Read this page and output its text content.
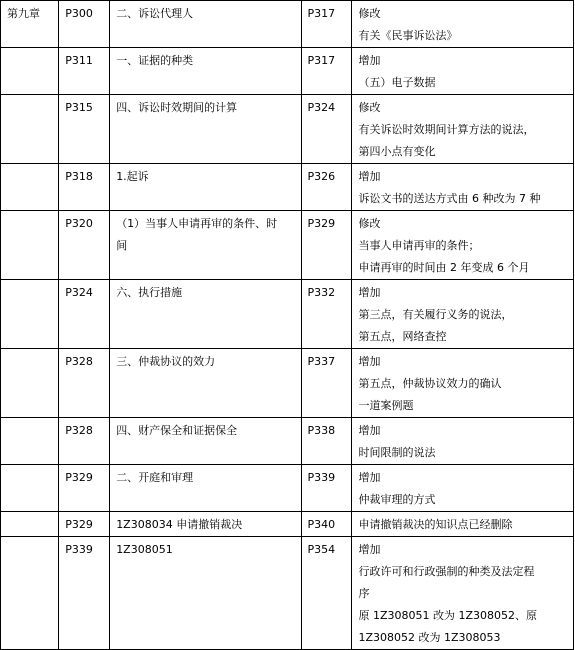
第九章	P300	二、诉讼代理人	P317	修改
有关《民事诉讼法》

	P311	一、证据的种类	P317	增加
（五）电子数据

	P315	四、诉讼时效期间的计算	P324	修改
有关诉讼时效期间计算方法的说法，
第四小点有变化

	P318	1.起诉	P326	增加
诉讼文书的送达方式由 6 种改为 7 种

	P320	（1）当事人申请再审的条件、时
间	P329	修改
当事人申请再审的条件；
申请再审的时间由 2 年变成 6 个月

	P324	六、执行措施	P332	增加
第三点，有关履行义务的说法，
第五点，网络查控

	P328	三、仲裁协议的效力	P337	增加
第五点，仲裁协议效力的确认
一道案例题

	P328	四、财产保全和证据保全	P338	增加
时间限制的说法

	P329	二、开庭和审理	P339	增加
仲裁审理的方式

	P329	1Z308034 申请撤销裁决	P340	申请撤销裁决的知识点已经删除

	P339	1Z308051	P354	增加
行政许可和行政强制的种类及法定程
序
原 1Z308051 改为 1Z308052、原
1Z308052 改为 1Z308053
